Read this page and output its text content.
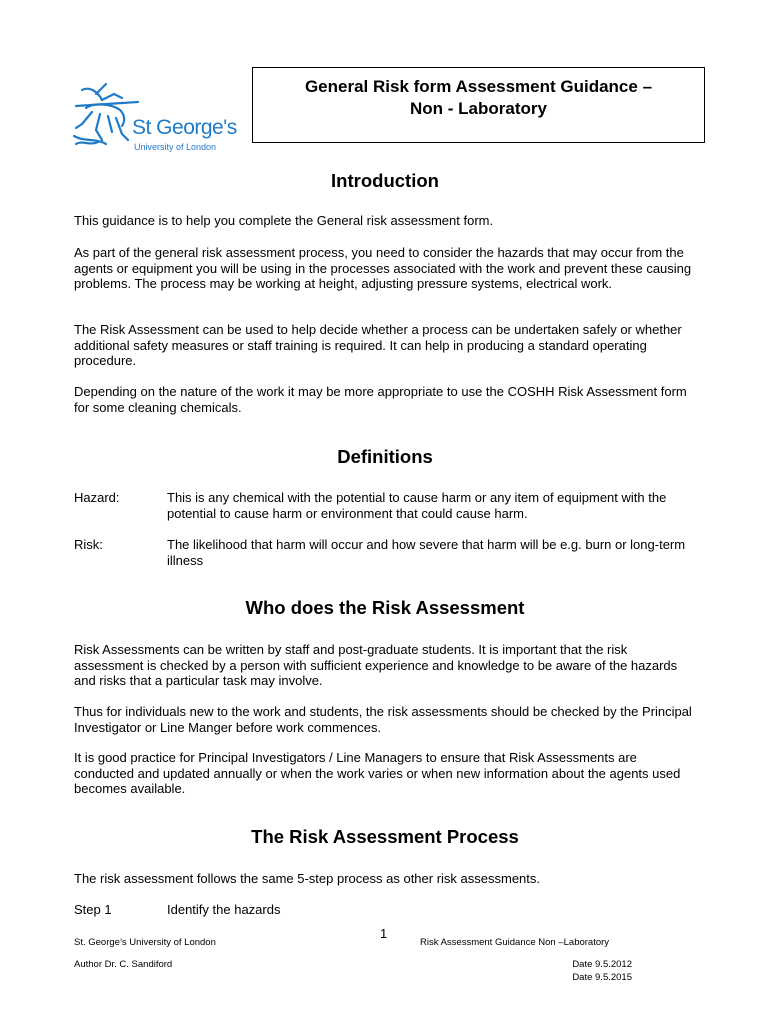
St George's
University of London
General Risk form Assessment Guidance –
Non - Laboratory
Introduction
This guidance is to help you complete the General risk assessment form.
As part of the general risk assessment process, you need to consider the hazards that may occur from the agents or equipment you will be using in the processes associated with the work and prevent these causing problems. The process may be working at height, adjusting pressure systems, electrical work.
The Risk Assessment can be used to help decide whether a process can be undertaken safely or whether additional safety measures or staff training is required. It can help in producing a standard operating procedure.
Depending on the nature of the work it may be more appropriate to use the COSHH Risk Assessment form for some cleaning chemicals.
Definitions
Hazard:	This is any chemical with the potential to cause harm or any item of equipment with the potential to cause harm or environment that could cause harm.
Risk:	The likelihood that harm will occur and how severe that harm will be e.g. burn or long-term illness
Who does the Risk Assessment
Risk Assessments can be written by staff and post-graduate students. It is important that the risk assessment is checked by a person with sufficient experience and knowledge to be aware of the hazards and risks that a particular task may involve.
Thus for individuals new to the work and students, the risk assessments should be checked by the Principal Investigator or Line Manger before work commences.
It is good practice for Principal Investigators / Line Managers to ensure that Risk Assessments are conducted and updated annually or when the work varies or when new information about the agents used becomes available.
The Risk Assessment Process
The risk assessment follows the same 5-step process as other risk assessments.
Step 1	Identify the hazards
1
St. George’s University of London
Author Dr. C. Sandiford
Risk Assessment Guidance Non –Laboratory
Date 9.5.2012
Date 9.5.2015
